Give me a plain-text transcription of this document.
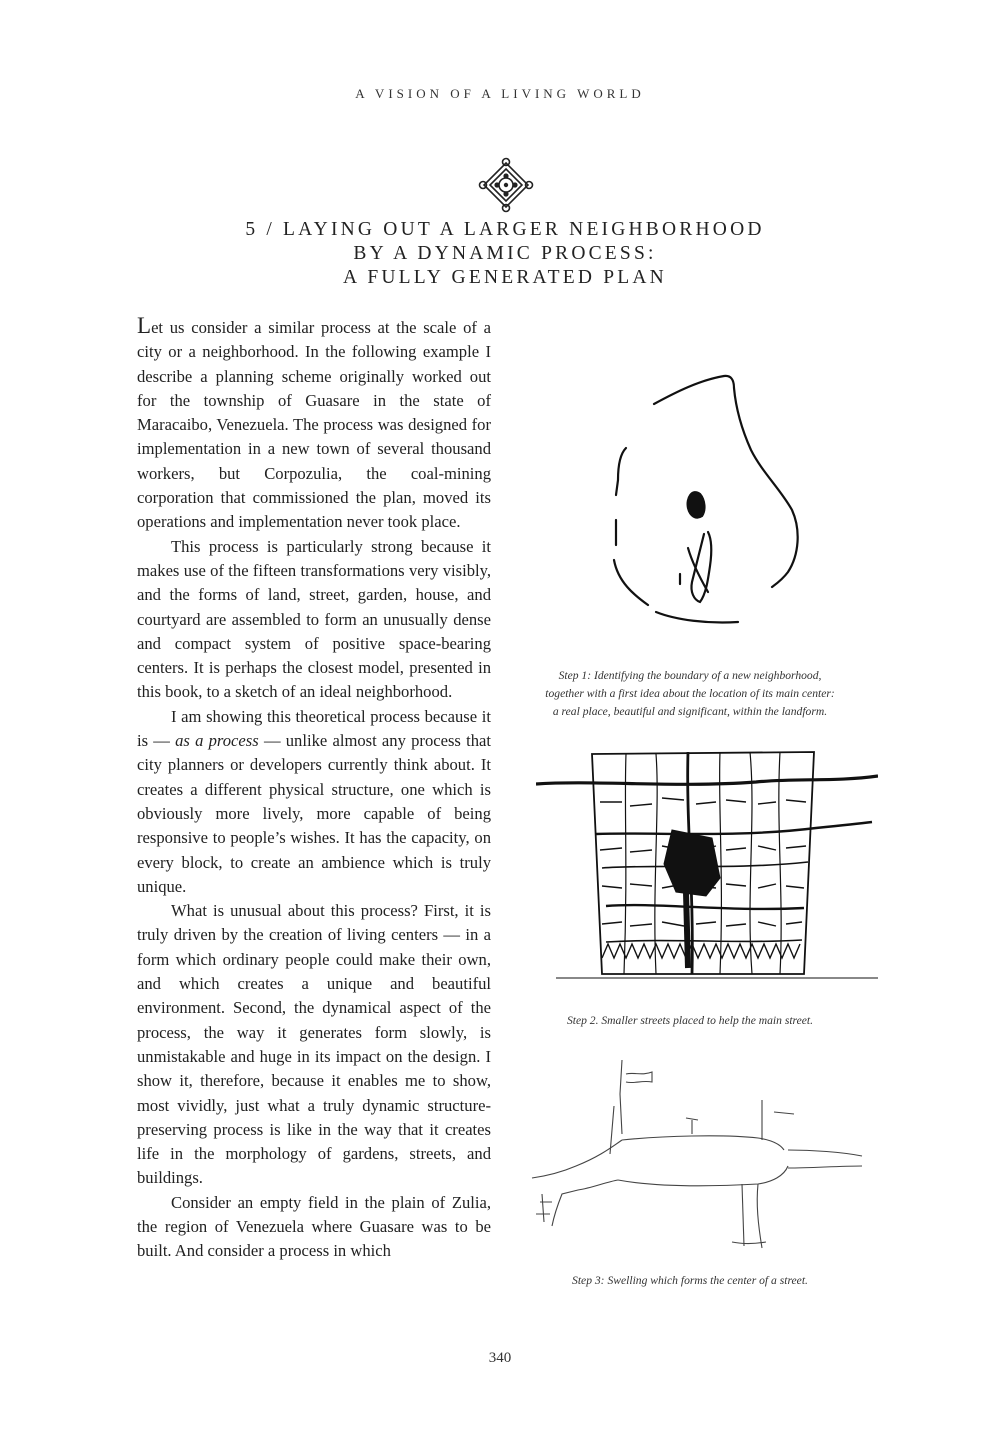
A VISION OF A LIVING WORLD
5 / LAYING OUT A LARGER NEIGHBORHOOD
BY A DYNAMIC PROCESS:
A FULLY GENERATED PLAN

Let us consider a similar process at the scale of a city or a neighborhood. In the following example I describe a planning scheme originally worked out for the township of Guasare in the state of Maracaibo, Venezuela. The process was designed for implementation in a new town of several thousand workers, but Corpozulia, the coal-mining corporation that commissioned the plan, moved its operations and implementation never took place.

This process is particularly strong because it makes use of the fifteen transformations very visibly, and the forms of land, street, garden, house, and courtyard are assembled to form an unusually dense and compact system of positive space-bearing centers. It is perhaps the closest model, presented in this book, to a sketch of an ideal neighborhood.

I am showing this theoretical process because it is — as a process — unlike almost any process that city planners or developers currently think about. It creates a different physical structure, one which is obviously more lively, more capable of being responsive to people’s wishes. It has the capacity, on every block, to create an ambience which is truly unique.

What is unusual about this process? First, it is truly driven by the creation of living centers — in a form which ordinary people could make their own, and which creates a unique and beautiful environment. Second, the dynamical aspect of the process, the way it generates form slowly, is unmistakable and huge in its impact on the design. I show it, therefore, because it enables me to show, most vividly, just what a truly dynamic structure-preserving process is like in the way that it creates life in the morphology of gardens, streets, and buildings.

Consider an empty field in the plain of Zulia, the region of Venezuela where Guasare was to be built. And consider a process in which

Step 1: Identifying the boundary of a new neighborhood,
together with a first idea about the location of its main center:
a real place, beautiful and significant, within the landform.
Step 2. Smaller streets placed to help the main street.
Step 3: Swelling which forms the center of a street.
340
